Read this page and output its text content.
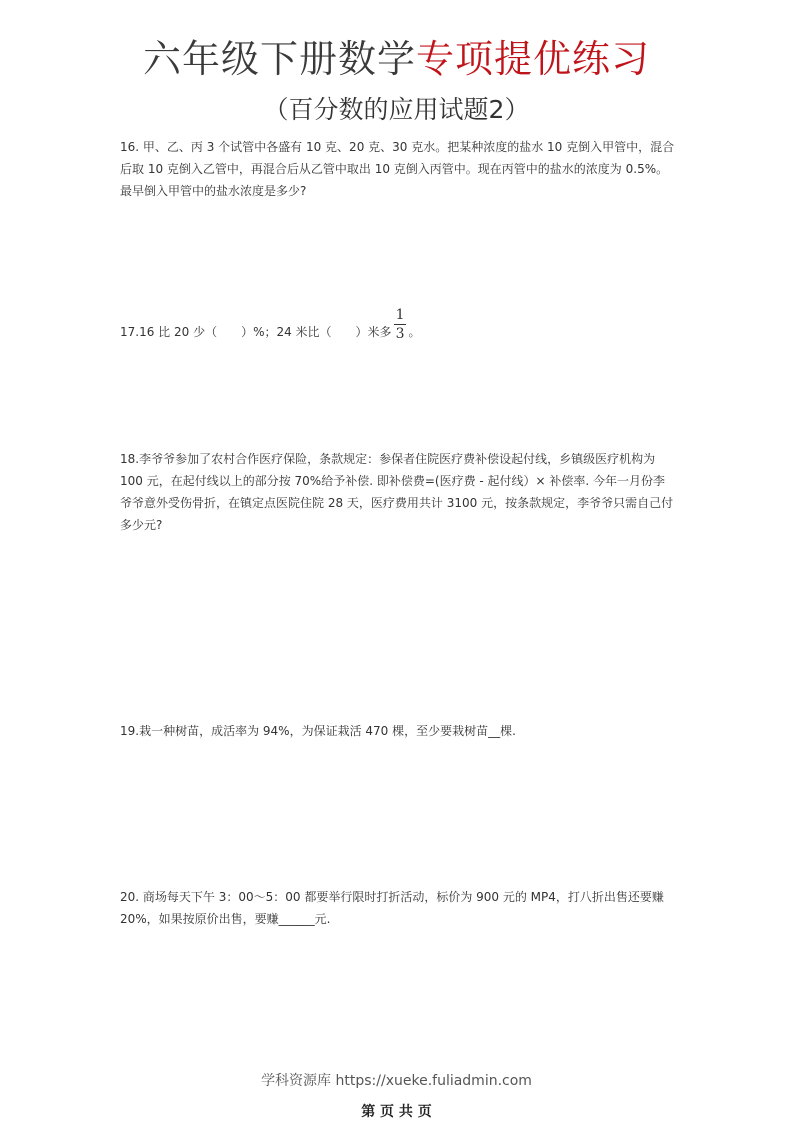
六年级下册数学专项提优练习
（百分数的应用试题2）
16. 甲、乙、丙 3 个试管中各盛有 10 克、20 克、30 克水。把某种浓度的盐水 10 克倒入甲管中，混合后取 10 克倒入乙管中，再混合后从乙管中取出 10 克倒入丙管中。现在丙管中的盐水的浓度为 0.5%。最早倒入甲管中的盐水浓度是多少?
17.16 比 20 少（　　）%；24 米比（　　）米多 $\frac{1}{3}$ 。
18.李爷爷参加了农村合作医疗保险，条款规定：参保者住院医疗费补偿设起付线，乡镇级医疗机构为 100 元，在起付线以上的部分按 70%给予补偿. 即补偿费=(医疗费 - 起付线）× 补偿率. 今年一月份李爷爷意外受伤骨折，在镇定点医院住院 28 天，医疗费用共计 3100 元，按条款规定，李爷爷只需自己付多少元?
19.栽一种树苗，成活率为 94%，为保证栽活 470 棵，至少要栽树苗__棵.
20. 商场每天下午 3：00～5：00 都要举行限时打折活动，标价为 900 元的 MP4，打八折出售还要赚 20%，如果按原价出售，要赚______元.
学科资源库 https://xueke.fuliadmin.com
第 页 共 页
